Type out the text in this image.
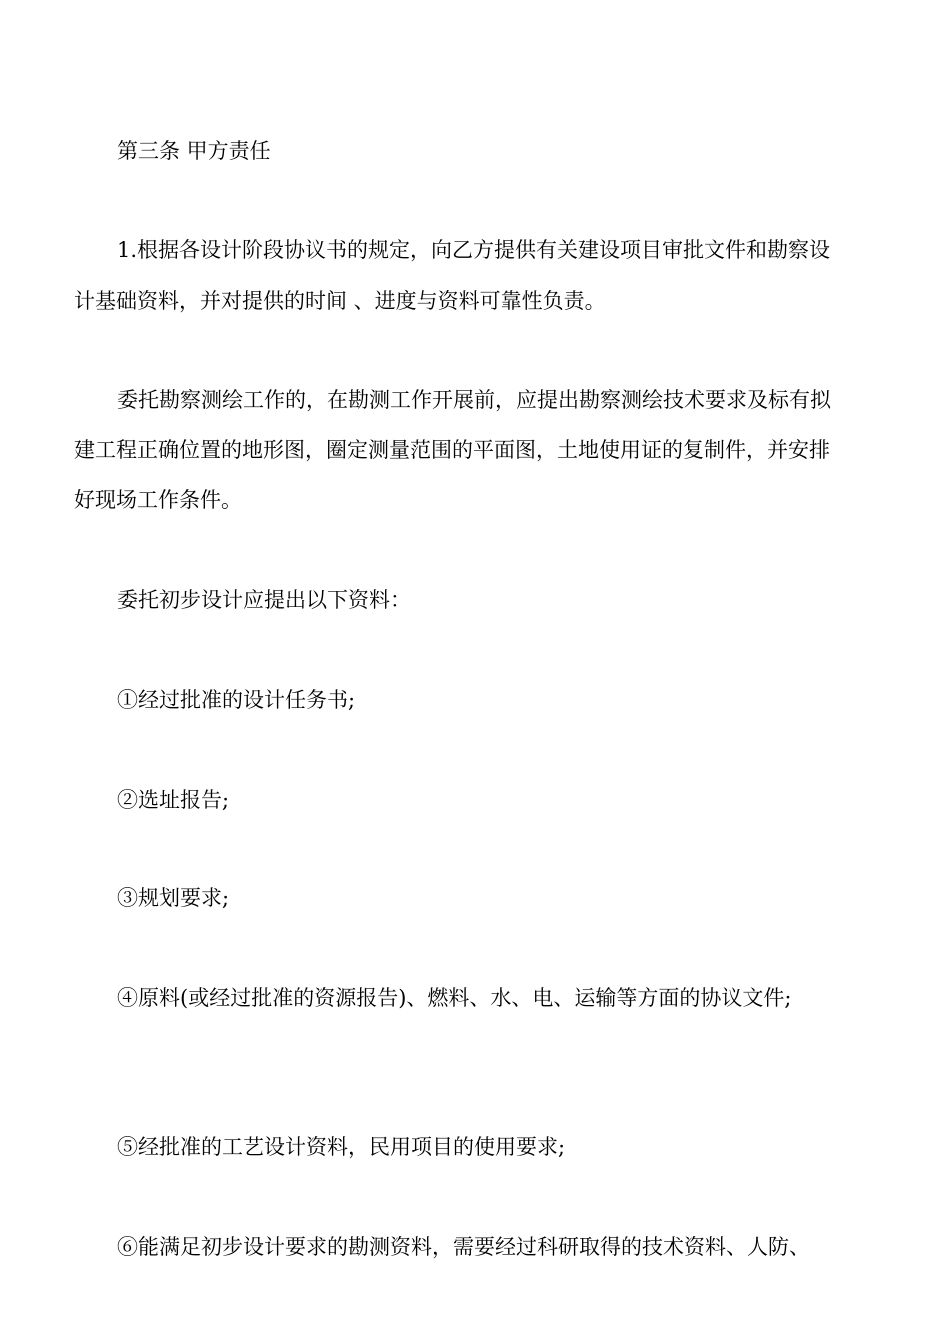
第三条 甲方责任

1.根据各设计阶段协议书的规定，向乙方提供有关建设项目审批文件和勘察设

计基础资料，并对提供的时间 、进度与资料可靠性负责。

委托勘察测绘工作的，在勘测工作开展前，应提出勘察测绘技术要求及标有拟

建工程正确位置的地形图，圈定测量范围的平面图，土地使用证的复制件，并安排

好现场工作条件。

委托初步设计应提出以下资料：

①经过批准的设计任务书;

②选址报告;

③规划要求;

④原料(或经过批准的资源报告)、燃料、水、电、运输等方面的协议文件;

⑤经批准的工艺设计资料，民用项目的使用要求;

⑥能满足初步设计要求的勘测资料，需要经过科研取得的技术资料、人防、
